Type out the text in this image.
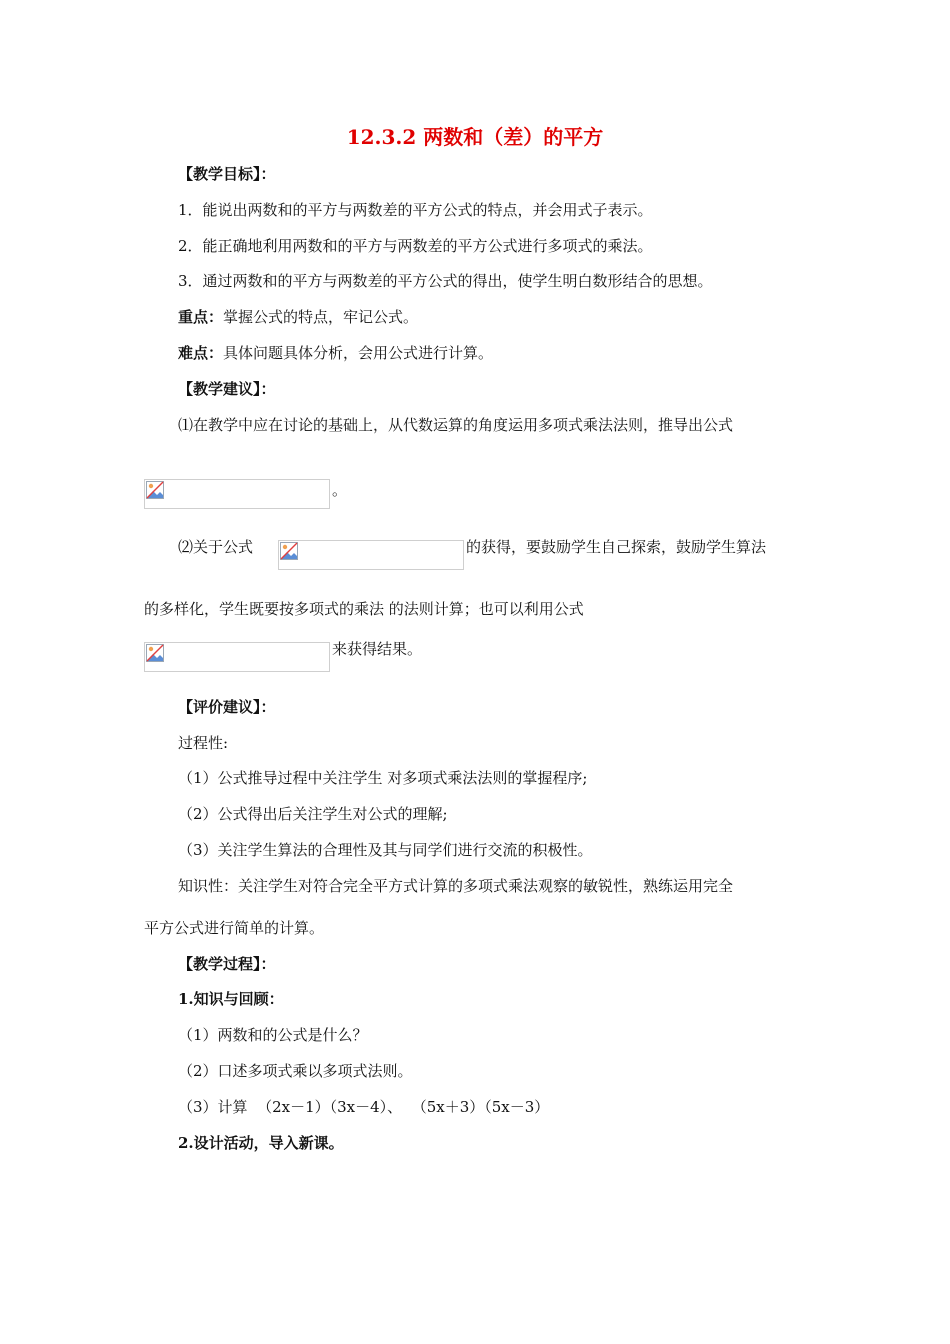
12.3.2 两数和（差）的平方
【教学目标】：
1．能说出两数和的平方与两数差的平方公式的特点，并会用式子表示。
2．能正确地利用两数和的平方与两数差的平方公式进行多项式的乘法。
3．通过两数和的平方与两数差的平方公式的得出，使学生明白数形结合的思想。
重点：掌握公式的特点，牢记公式。
难点：具体问题具体分析，会用公式进行计算。
【教学建议】：
⑴在教学中应在讨论的基础上，从代数运算的角度运用多项式乘法法则，推导出公式
。
⑵关于公式	的获得，要鼓励学生自己探索，鼓励学生算法
的多样化，学生既要按多项式的乘法 的法则计算；也可以利用公式
来获得结果。
【评价建议】：
过程性:
（1）公式推导过程中关注学生 对多项式乘法法则的掌握程序;
（2）公式得出后关注学生对公式的理解;
（3）关注学生算法的合理性及其与同学们进行交流的积极性。
知识性：关注学生对符合完全平方式计算的多项式乘法观察的敏锐性，熟练运用完全
平方公式进行简单的计算。
【教学过程】：
1.知识与回顾：
（1）两数和的公式是什么？
（2）口述多项式乘以多项式法则。
（3）计算  （2x－1）（3x－4）、  （5x＋3）（5x－3）
2.设计活动，导入新课。
